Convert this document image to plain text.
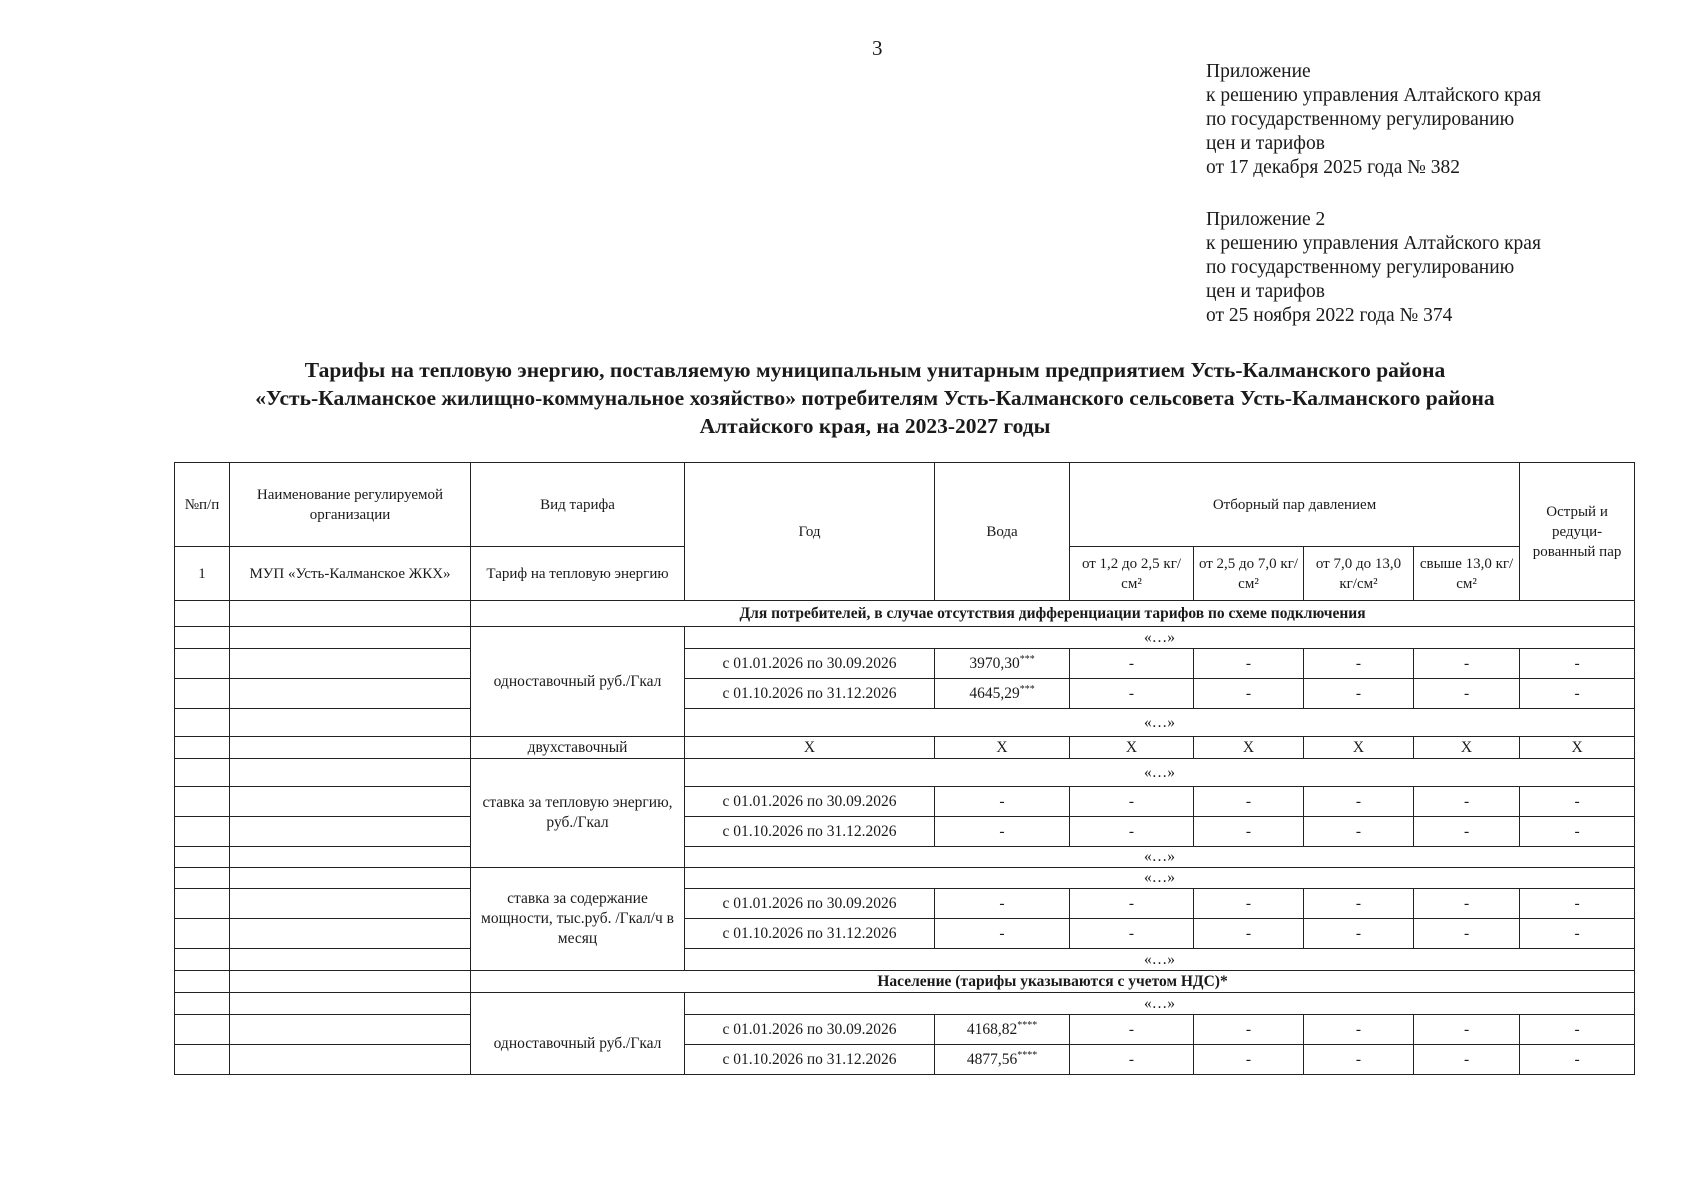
3
Приложение
к решению управления Алтайского края
по государственному регулированию
цен и тарифов
от 17 декабря 2025 года № 382
Приложение 2
к решению управления Алтайского края
по государственному регулированию
цен и тарифов
от 25 ноября 2022 года № 374
Тарифы на тепловую энергию, поставляемую муниципальным унитарным предприятием Усть-Калманского района
«Усть-Калманское жилищно-коммунальное хозяйство» потребителям Усть-Калманского сельсовета Усть-Калманского района
Алтайского края, на 2023-2027 годы
№п/п	Наименование регулируемой организации	Вид тарифа	Год	Вода	Отборный пар давлением				Острый и редуци-рованный пар
1	МУП «Усть-Калманское ЖКХ»	Тариф на тепловую энергию			от 1,2 до 2,5 кг/см²	от 2,5 до 7,0 кг/см²	от 7,0 до 13,0 кг/см²	свыше 13,0 кг/см²	
		Для потребителей, в случае отсутствия дифференциации тарифов по схеме подключения							
		одноставочный руб./Гкал	«…»						
			с 01.01.2026 по 30.09.2026	3970,30***	-	-	-	-	-
			с 01.10.2026 по 31.12.2026	4645,29***	-	-	-	-	-
			«…»						
		двухставочный	X	X	X	X	X	X	X
		ставка за тепловую энергию, руб./Гкал	«…»						
			с 01.01.2026 по 30.09.2026	-	-	-	-	-	-
			с 01.10.2026 по 31.12.2026	-	-	-	-	-	-
			«…»						
		ставка за содержание мощности, тыс.руб. /Гкал/ч в месяц	«…»						
			с 01.01.2026 по 30.09.2026	-	-	-	-	-	-
			с 01.10.2026 по 31.12.2026	-	-	-	-	-	-
			«…»						
		Население (тарифы указываются с учетом НДС)*							
		одноставочный руб./Гкал	«…»						
			с 01.01.2026 по 30.09.2026	4168,82****	-	-	-	-	-
			с 01.10.2026 по 31.12.2026	4877,56****	-	-	-	-	-
